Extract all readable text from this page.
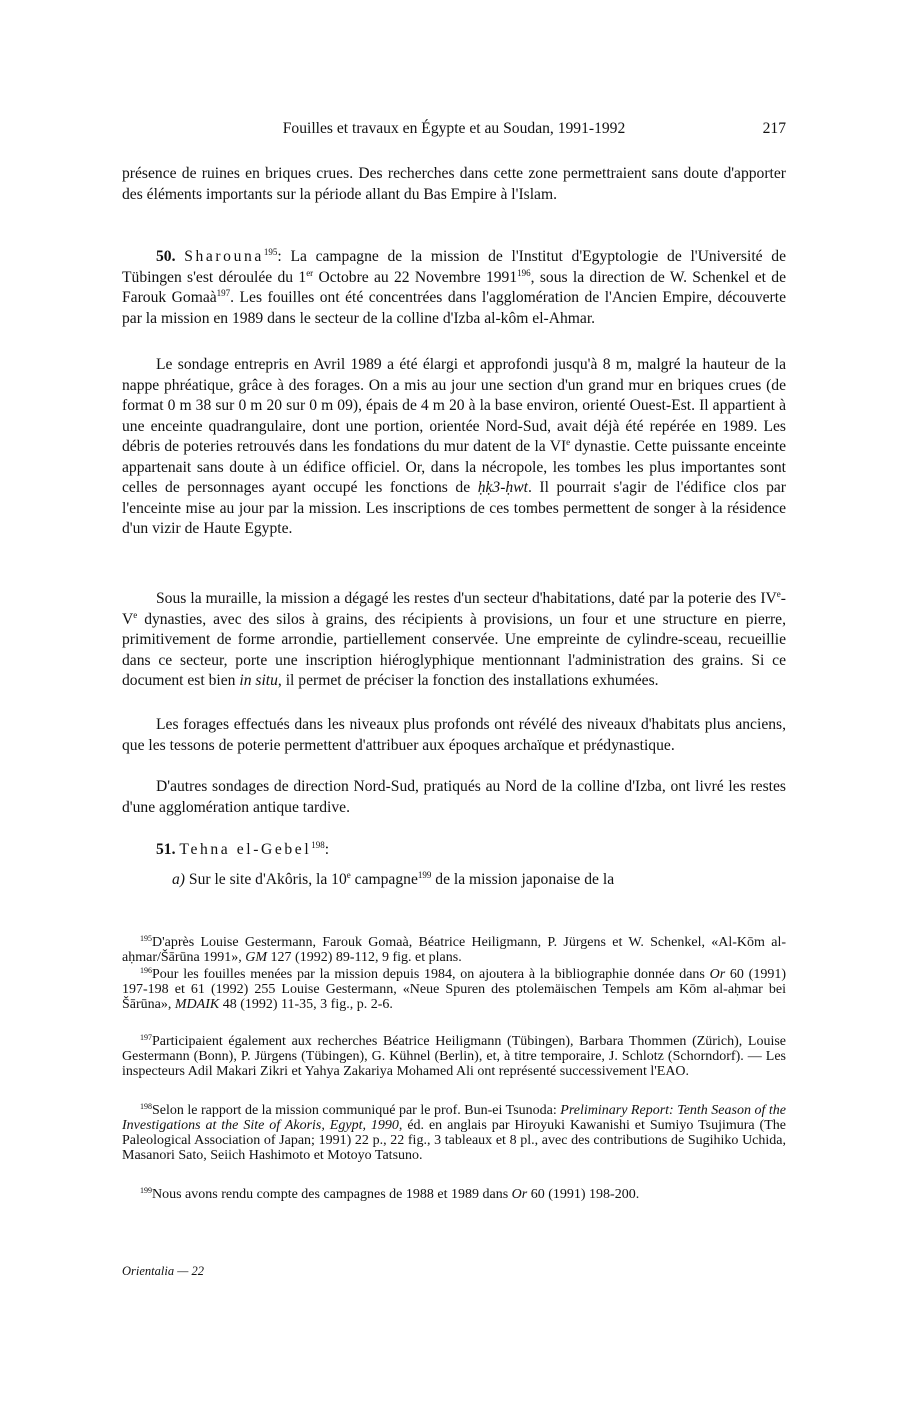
Fouilles et travaux en Égypte et au Soudan, 1991-1992	217
présence de ruines en briques crues. Des recherches dans cette zone permettraient sans doute d'apporter des éléments importants sur la période allant du Bas Empire à l'Islam.
50. Sharouna$^{195}$: La campagne de la mission de l'Institut d'Egyptologie de l'Université de Tübingen s'est déroulée du 1er Octobre au 22 Novembre 1991$^{196}$, sous la direction de W. Schenkel et de Farouk Gomaà$^{197}$. Les fouilles ont été concentrées dans l'agglomération de l'Ancien Empire, découverte par la mission en 1989 dans le secteur de la colline d'Izba al-kôm el-Ahmar.
Le sondage entrepris en Avril 1989 a été élargi et approfondi jusqu'à 8 m, malgré la hauteur de la nappe phréatique, grâce à des forages. On a mis au jour une section d'un grand mur en briques crues (de format 0 m 38 sur 0 m 20 sur 0 m 09), épais de 4 m 20 à la base environ, orienté Ouest-Est. Il appartient à une enceinte quadrangulaire, dont une portion, orientée Nord-Sud, avait déjà été repérée en 1989. Les débris de poteries retrouvés dans les fondations du mur datent de la VIe dynastie. Cette puissante enceinte appartenait sans doute à un édifice officiel. Or, dans la nécropole, les tombes les plus importantes sont celles de personnages ayant occupé les fonctions de ḥḳ3-ḥwt. Il pourrait s'agir de l'édifice clos par l'enceinte mise au jour par la mission. Les inscriptions de ces tombes permettent de songer à la résidence d'un vizir de Haute Egypte.
Sous la muraille, la mission a dégagé les restes d'un secteur d'habitations, daté par la poterie des IVe-Ve dynasties, avec des silos à grains, des récipients à provisions, un four et une structure en pierre, primitivement de forme arrondie, partiellement conservée. Une empreinte de cylindre-sceau, recueillie dans ce secteur, porte une inscription hiéroglyphique mentionnant l'administration des grains. Si ce document est bien in situ, il permet de préciser la fonction des installations exhumées.
Les forages effectués dans les niveaux plus profonds ont révélé des niveaux d'habitats plus anciens, que les tessons de poterie permettent d'attribuer aux époques archaïque et prédynastique.
D'autres sondages de direction Nord-Sud, pratiqués au Nord de la colline d'Izba, ont livré les restes d'une agglomération antique tardive.
51. Tehna el-Gebel$^{198}$:
a) Sur le site d'Akôris, la 10e campagne$^{199}$ de la mission japonaise de la
$^{195}$D'après Louise Gestermann, Farouk Gomaà, Béatrice Heiligmann, P. Jürgens et W. Schenkel, «Al-Kōm al-aḥmar/Šārūna 1991», GM 127 (1992) 89-112, 9 fig. et plans.
$^{196}$Pour les fouilles menées par la mission depuis 1984, on ajoutera à la bibliographie donnée dans Or 60 (1991) 197-198 et 61 (1992) 255 Louise Gestermann, «Neue Spuren des ptolemäischen Tempels am Kōm al-aḥmar bei Šārūna», MDAIK 48 (1992) 11-35, 3 fig., p. 2-6.
$^{197}$Participaient également aux recherches Béatrice Heiligmann (Tübingen), Barbara Thommen (Zürich), Louise Gestermann (Bonn), P. Jürgens (Tübingen), G. Kühnel (Berlin), et, à titre temporaire, J. Schlotz (Schorndorf). — Les inspecteurs Adil Makari Zikri et Yahya Zakariya Mohamed Ali ont représenté successivement l'EAO.
$^{198}$Selon le rapport de la mission communiqué par le prof. Bun-ei Tsunoda: Preliminary Report: Tenth Season of the Investigations at the Site of Akoris, Egypt, 1990, éd. en anglais par Hiroyuki Kawanishi et Sumiyo Tsujimura (The Paleological Association of Japan; 1991) 22 p., 22 fig., 3 tableaux et 8 pl., avec des contributions de Sugihiko Uchida, Masanori Sato, Seiich Hashimoto et Motoyo Tatsuno.
$^{199}$Nous avons rendu compte des campagnes de 1988 et 1989 dans Or 60 (1991) 198-200.
Orientalia — 22
